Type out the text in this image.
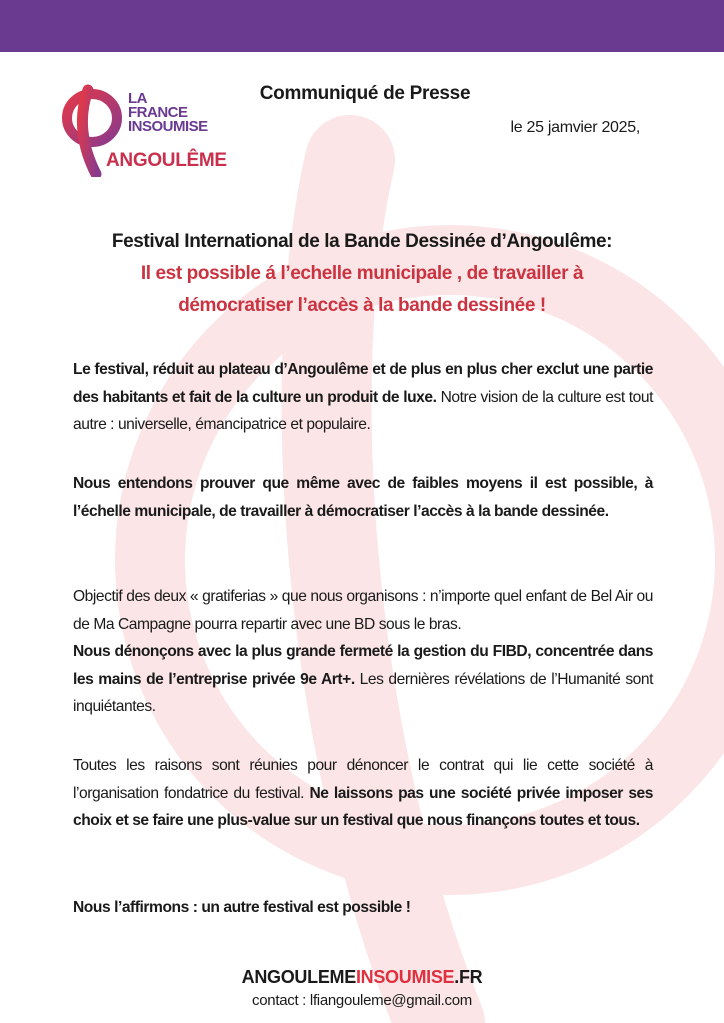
LA
FRANCE
INSOUMISE
ANGOULÊME
Communiqué de Presse
le 25 jamvier 2025,
Festival International de la Bande Dessinée d’Angoulême:
Il est possible á l’echelle municipale , de travailler à
démocratiser l’accès à la bande dessinée !
Le festival, réduit au plateau d’Angoulême et de plus en plus cher exclut une partie des habitants et fait de la culture un produit de luxe. Notre vision de la culture est tout autre : universelle, émancipatrice et populaire.
Nous entendons prouver que même avec de faibles moyens il est possible, à l’échelle municipale, de travailler à démocratiser l’accès à la bande dessinée.
Objectif des deux « gratiferias » que nous organisons : n’importe quel enfant de Bel Air ou de Ma Campagne pourra repartir avec une BD sous le bras.
Nous dénonçons avec la plus grande fermeté la gestion du FIBD, concentrée dans les mains de l’entreprise privée 9e Art+. Les dernières révélations de l’Humanité sont inquiétantes.
Toutes les raisons sont réunies pour dénoncer le contrat qui lie cette société à l’organisation fondatrice du festival. Ne laissons pas une société privée imposer ses choix et se faire une plus-value sur un festival que nous finançons toutes et tous.
Nous l’affirmons : un autre festival est possible !
ANGOULEMEINSOUMISE.FR
contact : lfiangouleme@gmail.com
